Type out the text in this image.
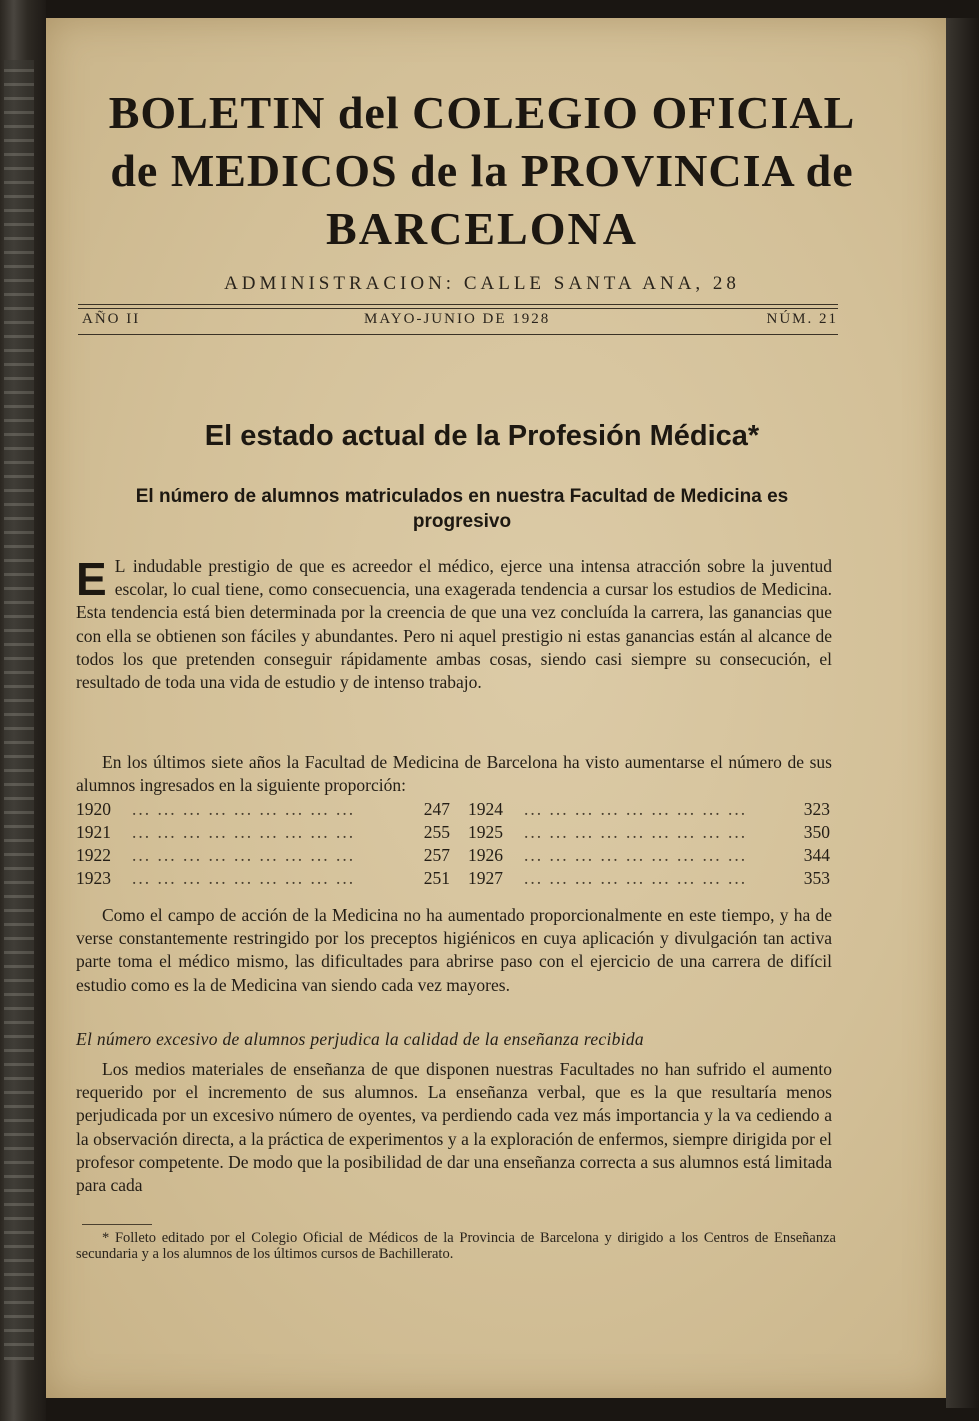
BOLETIN del COLEGIO OFICIAL
de MEDICOS de la PROVINCIA de
BARCELONA
ADMINISTRACION: CALLE SANTA ANA, 28
AÑO II	MAYO-JUNIO DE 1928	NÚM. 21
El estado actual de la Profesión Médica*
El número de alumnos matriculados en nuestra Facultad de Medicina es progresivo
E L indudable prestigio de que es acreedor el médico, ejerce una intensa atracción sobre la juventud escolar, lo cual tiene, como consecuencia, una exagerada tendencia a cursar los estudios de Medicina. Esta tendencia está bien determinada por la creencia de que una vez concluída la carrera, las ganancias que con ella se obtienen son fáciles y abundantes. Pero ni aquel prestigio ni estas ganancias están al alcance de todos los que pretenden conseguir rápidamente ambas cosas, siendo casi siempre su consecución, el resultado de toda una vida de estudio y de intenso trabajo.
En los últimos siete años la Facultad de Medicina de Barcelona ha visto aumentarse el número de sus alumnos ingresados en la siguiente proporción:
1920 ... ... ... ... ... ... ... ... ...	247 1924 ... ... ... ... ... ... ... ... ...	323
1921 ... ... ... ... ... ... ... ... ...	255 1925 ... ... ... ... ... ... ... ... ...	350
1922 ... ... ... ... ... ... ... ... ...	257 1926 ... ... ... ... ... ... ... ... ...	344
1923 ... ... ... ... ... ... ... ... ...	251 1927 ... ... ... ... ... ... ... ... ...	353
Como el campo de acción de la Medicina no ha aumentado proporcionalmente en este tiempo, y ha de verse constantemente restringido por los preceptos higiénicos en cuya aplicación y divulgación tan activa parte toma el médico mismo, las dificultades para abrirse paso con el ejercicio de una carrera de difícil estudio como es la de Medicina van siendo cada vez mayores.
El número excesivo de alumnos perjudica la calidad de la enseñanza recibida
Los medios materiales de enseñanza de que disponen nuestras Facultades no han sufrido el aumento requerido por el incremento de sus alumnos. La enseñanza verbal, que es la que resultaría menos perjudicada por un excesivo número de oyentes, va perdiendo cada vez más importancia y la va cediendo a la observación directa, a la práctica de experimentos y a la exploración de enfermos, siempre dirigida por el profesor competente. De modo que la posibilidad de dar una enseñanza correcta a sus alumnos está limitada para cada
* Folleto editado por el Colegio Oficial de Médicos de la Provincia de Barcelona y dirigido a los Centros de Enseñanza secundaria y a los alumnos de los últimos cursos de Bachillerato.
